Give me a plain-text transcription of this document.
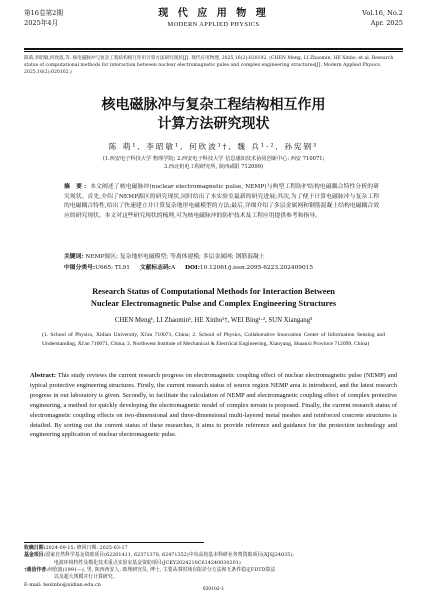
第16卷第2期
2025年4月
现 代 应 用 物 理
MODERN APPLIED PHYSICS
Vol.16, No.2
Apr. 2025
陈萌,李昭敏,何欣波,等. 核电磁脉冲与复杂工程结构相互作用计算方法研究现状[J]. 现代应用物理, 2025,16(2):020102. (CHEN Meng, LI Zhaomin, HE Xinbo, et al. Research status of computational methods for interaction between nuclear electromagnetic pulse and complex engineering structures[J]. Modern Applied Physics, 2025,16(2):020102.)
核电磁脉冲与复杂工程结构相互作用
计算方法研究现状
陈 萌¹, 李昭敏¹, 何欣波¹†, 魏 兵¹·², 孙宪钢³
(1.西安电子科技大学 物理学院; 2.西安电子科技大学 信息感知技术协同创新中心: 西安 710071;
3.西北机电工程研究所, 陕西咸阳 712099)
摘 要: 本文阐述了核电磁脉冲(nuclear electromagnetic pulse, NEMP)与典型工程防护结构电磁耦合特性分析的研究现状。首先,介绍了NEMP源区的研究现状,同时给出了本实验室最新的研究进展;其次,为了便于计算电磁脉冲与复杂工程的电磁耦合特性,给出了快速建立并计算复杂地形电磁模型的方法;最后,详细介绍了多层金属网和钢筋混凝土结构电磁耦合效应的研究现状。本文对这些研究现状的梳理,可为核电磁脉冲的防护技术及工程应用提供参考和指导。
关键词: NEMP源区; 复杂地形电磁模型; 等离体建模; 多层金属网; 钢筋混凝土
中图分类号:U665; TL91 文献标志码:A DOI:10.12061/j.issn.2095-6223.202409015
Research Status of Computational Methods for Interaction Between
Nuclear Electromagnetic Pulse and Complex Engineering Structures
CHEN Meng¹, LI Zhaomin¹, HE Xinbo¹†, WEI Bing¹·², SUN Xiangang³
(1. School of Physics, Xidian University, Xi'an 710071, China; 2. School of Physics, Collaborative Innovation Center of Information Sensing and Understanding, Xi'an 710071, China; 3. Northwest Institute of Mechanical & Electrical Engineering, Xianyang, Shaanxi Province 712099, China)
Abstract: This study reviews the current research progress on electromagnetic coupling effect of nuclear electromagnetic pulse (NEMP) and typical protective engineering structures. Firstly, the current research status of source region NEMP area is introduced, and the latest research progress in our laboratory is given. Secondly, to facilitate the calculation of NEMP and electromagnetic coupling effect of complex protective engineering, a method for quickly developing the electromagnetic model of complex terrain is proposed. Finally, the current research status of electromagnetic coupling effects on two-dimensional and three-dimensional multi-layered metal meshes and reinforced concrete structures is detailed. By sorting out the current status of these researches, it aims to provide reference and guidance for the protection technology and engineering application of nuclear electromagnetic pulse.
收稿日期:2024-09-15; 修回日期: 2025-03-17
基金项目:国家自然科学基金资助项目(62201411, 62371378, 62471352)中央高校基本科研业务费资助项目(XJSJ24035);
电波环境特性及模化技术重点实验室基金资助项目(JCKY2024210C614240030201)
†通信作者:何欣波(1991—), 男, 陕西西安人, 助理研究员, 博士, 主要从事时域有限差分方法和无条件稳定FDTD算法
以及超大规模并行计算研究。
E-mail: hexinbo@xidian.edu.cn
020102-1
